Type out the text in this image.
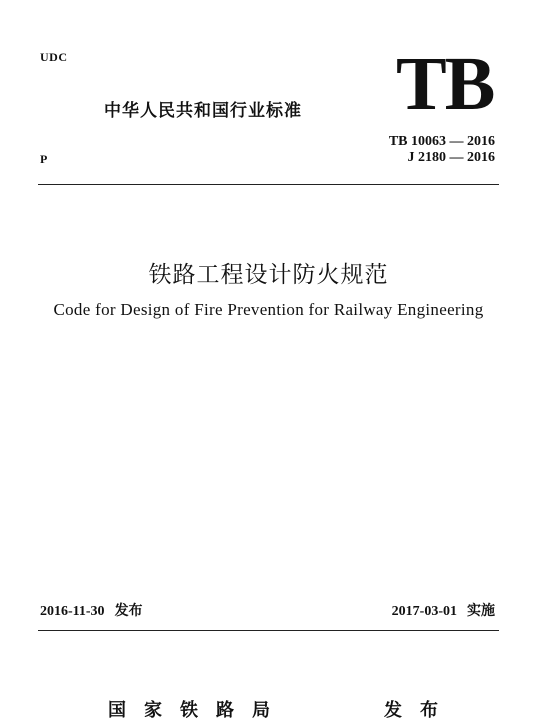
UDC
中华人民共和国行业标准 TB
TB 10063 — 2016
J 2180 — 2016
P
铁路工程设计防火规范
Code for Design of Fire Prevention for Railway Engineering
2016-11-30 发布	2017-03-01 实施
国家铁路局	发布
